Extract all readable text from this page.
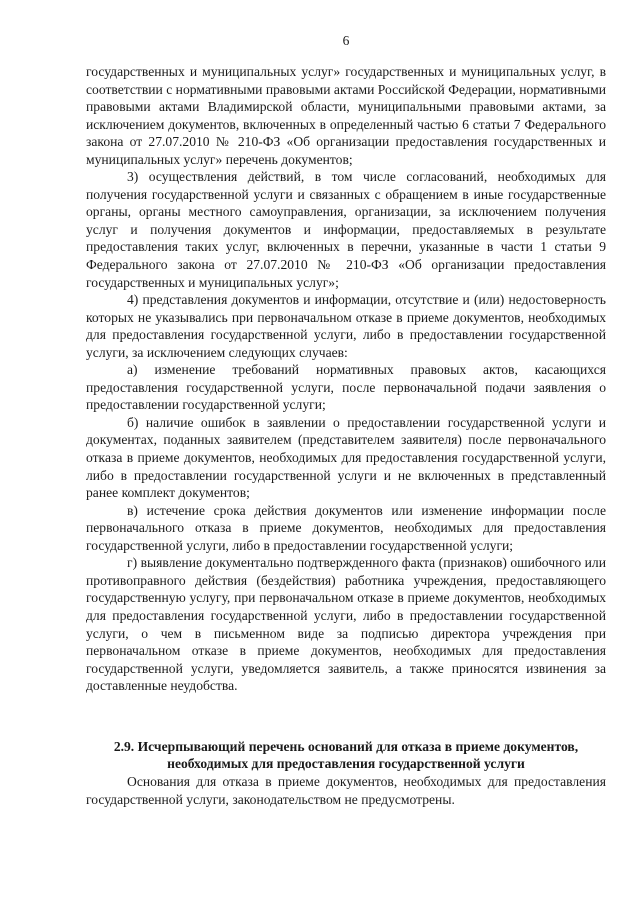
6

государственных и муниципальных услуг» государственных и муниципальных услуг, в соответствии с нормативными правовыми актами Российской Федерации, нормативными правовыми актами Владимирской области, муниципальными правовыми актами, за исключением документов, включенных в определенный частью 6 статьи 7 Федерального закона от 27.07.2010 № 210-ФЗ «Об организации предоставления государственных и муниципальных услуг» перечень документов;

3) осуществления действий, в том числе согласований, необходимых для получения государственной услуги и связанных с обращением в иные государственные органы, органы местного самоуправления, организации, за исключением получения услуг и получения документов и информации, предоставляемых в результате предоставления таких услуг, включенных в перечни, указанные в части 1 статьи 9 Федерального закона от 27.07.2010 № 210-ФЗ «Об организации предоставления государственных и муниципальных услуг»;

4) представления документов и информации, отсутствие и (или) недостоверность которых не указывались при первоначальном отказе в приеме документов, необходимых для предоставления государственной услуги, либо в предоставлении государственной услуги, за исключением следующих случаев:

а) изменение требований нормативных правовых актов, касающихся предоставления государственной услуги, после первоначальной подачи заявления о предоставлении государственной услуги;

б) наличие ошибок в заявлении о предоставлении государственной услуги и документах, поданных заявителем (представителем заявителя) после первоначального отказа в приеме документов, необходимых для предоставления государственной услуги, либо в предоставлении государственной услуги и не включенных в представленный ранее комплект документов;

в) истечение срока действия документов или изменение информации после первоначального отказа в приеме документов, необходимых для предоставления государственной услуги, либо в предоставлении государственной услуги;

г) выявление документально подтвержденного факта (признаков) ошибочного или противоправного действия (бездействия) работника учреждения, предоставляющего государственную услугу, при первоначальном отказе в приеме документов, необходимых для предоставления государственной услуги, либо в предоставлении государственной услуги, о чем в письменном виде за подписью директора учреждения при первоначальном отказе в приеме документов, необходимых для предоставления государственной услуги, уведомляется заявитель, а также приносятся извинения за доставленные неудобства.

2.9. Исчерпывающий перечень оснований для отказа в приеме документов,
необходимых для предоставления государственной услуги

Основания для отказа в приеме документов, необходимых для предоставления государственной услуги, законодательством не предусмотрены.
